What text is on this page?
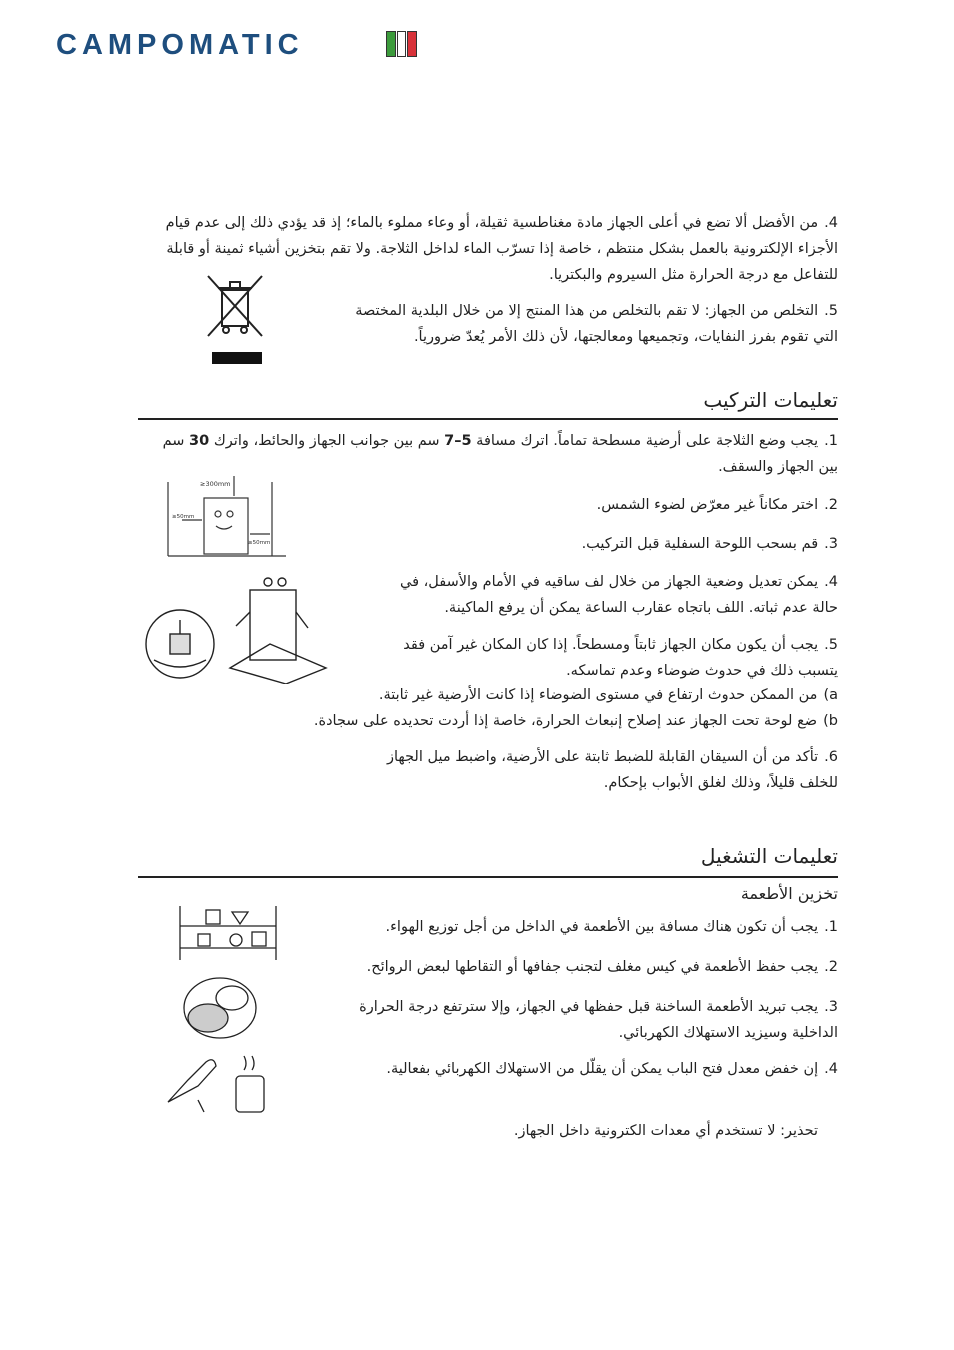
CAMPOMATIC
4.من الأفضل ألا تضع في أعلى الجهاز مادة مغناطسية ثقيلة، أو وعاء مملوء بالماء؛ إذ قد يؤدي ذلك إلى عدم قيام الأجزاء الإلكترونية بالعمل بشكل منتظم ، خاصة إذا تسرّب الماء لداخل الثلاجة. ولا تقم بتخزين أشياء ثمينة أو قابلة للتفاعل مع درجة الحرارة مثل السيروم والبكتريا.
5.التخلص من الجهاز: لا تقم بالتخلص من هذا المنتج إلا من خلال البلدية المختصة التي تقوم بفرز النفايات، وتجميعها ومعالجتها، لأن ذلك الأمر يُعدّ ضرورياً.
تعليمات التركيب
1.يجب وضع الثلاجة على أرضية مسطحة تماماً. اترك مسافة 5–7 سم بين جوانب الجهاز والحائط، واترك 30 سم بين الجهاز والسقف.
≥300mm
≥50mm
≥50mm
2.اختر مكاناً غير معرّض لضوء الشمس.
3.قم بسحب اللوحة السفلية قبل التركيب.
4.يمكن تعديل وضعية الجهاز من خلال لف ساقيه في الأمام والأسفل، في حالة عدم ثباته. اللف باتجاه عقارب الساعة يمكن أن يرفع الماكينة.
5.يجب أن يكون مكان الجهاز ثابتاً ومسطحاً. إذا كان المكان غير آمن فقد يتسبب ذلك في حدوث ضوضاء وعدم تماسكه.
a)من الممكن حدوث ارتفاع في مستوى الضوضاء إذا كانت الأرضية غير ثابتة.
b)ضع لوحة تحت الجهاز عند إصلاح إنبعاث الحرارة، خاصة إذا أردت تحديده على سجادة.
6.تأكد من أن السيقان القابلة للضبط ثابتة على الأرضية، واضبط ميل الجهاز للخلف قليلاً، وذلك لغلق الأبواب بإحكام.
تعليمات التشغيل
تخزين الأطعمة
1.يجب أن تكون هناك مسافة بين الأطعمة في الداخل من أجل توزيع الهواء.
2.يجب حفظ الأطعمة في كيس مغلف لتجنب جفافها أو التقاطها لبعض الروائح.
3.يجب تبريد الأطعمة الساخنة قبل حفظها في الجهاز، وإلا سترتفع درجة الحرارة الداخلية وسيزيد الاستهلاك الكهربائي.
4.إن خفض معدل فتح الباب يمكن أن يقلّل من الاستهلاك الكهربائي بفعالية.
تحذير: لا تستخدم أي معدات الكترونية داخل الجهاز.
